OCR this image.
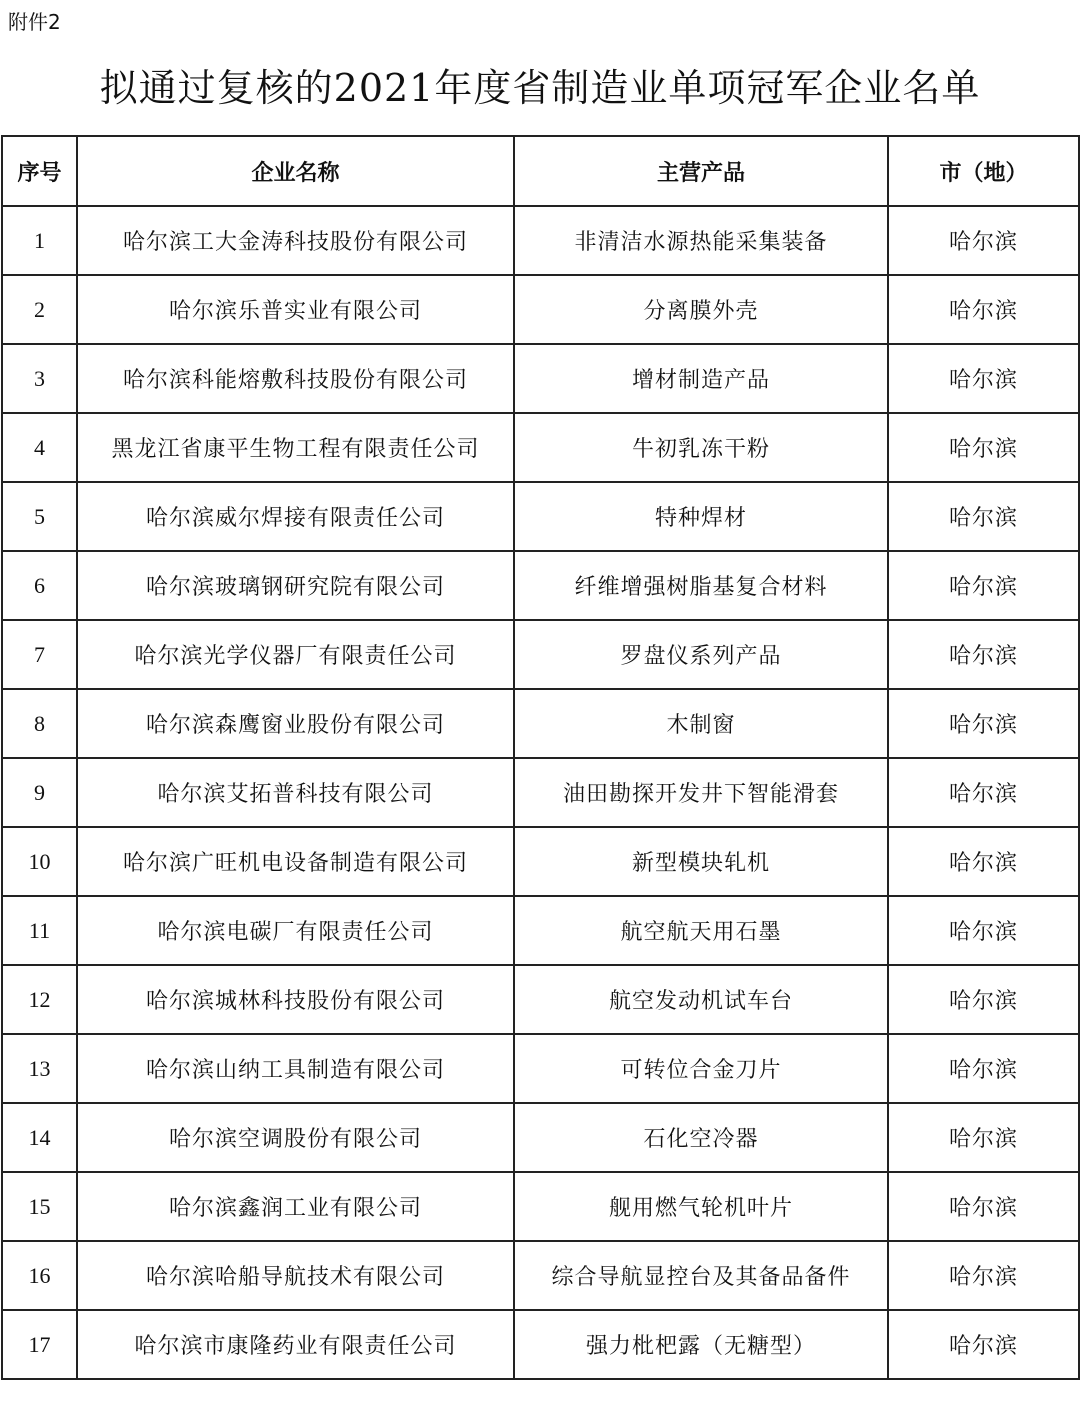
附件2
拟通过复核的2021年度省制造业单项冠军企业名单
序号	企业名称	主营产品	市（地）
1	哈尔滨工大金涛科技股份有限公司	非清洁水源热能采集装备	哈尔滨
2	哈尔滨乐普实业有限公司	分离膜外壳	哈尔滨
3	哈尔滨科能熔敷科技股份有限公司	增材制造产品	哈尔滨
4	黑龙江省康平生物工程有限责任公司	牛初乳冻干粉	哈尔滨
5	哈尔滨威尔焊接有限责任公司	特种焊材	哈尔滨
6	哈尔滨玻璃钢研究院有限公司	纤维增强树脂基复合材料	哈尔滨
7	哈尔滨光学仪器厂有限责任公司	罗盘仪系列产品	哈尔滨
8	哈尔滨森鹰窗业股份有限公司	木制窗	哈尔滨
9	哈尔滨艾拓普科技有限公司	油田勘探开发井下智能滑套	哈尔滨
10	哈尔滨广旺机电设备制造有限公司	新型模块轧机	哈尔滨
11	哈尔滨电碳厂有限责任公司	航空航天用石墨	哈尔滨
12	哈尔滨城林科技股份有限公司	航空发动机试车台	哈尔滨
13	哈尔滨山纳工具制造有限公司	可转位合金刀片	哈尔滨
14	哈尔滨空调股份有限公司	石化空冷器	哈尔滨
15	哈尔滨鑫润工业有限公司	舰用燃气轮机叶片	哈尔滨
16	哈尔滨哈船导航技术有限公司	综合导航显控台及其备品备件	哈尔滨
17	哈尔滨市康隆药业有限责任公司	强力枇杷露（无糖型）	哈尔滨
